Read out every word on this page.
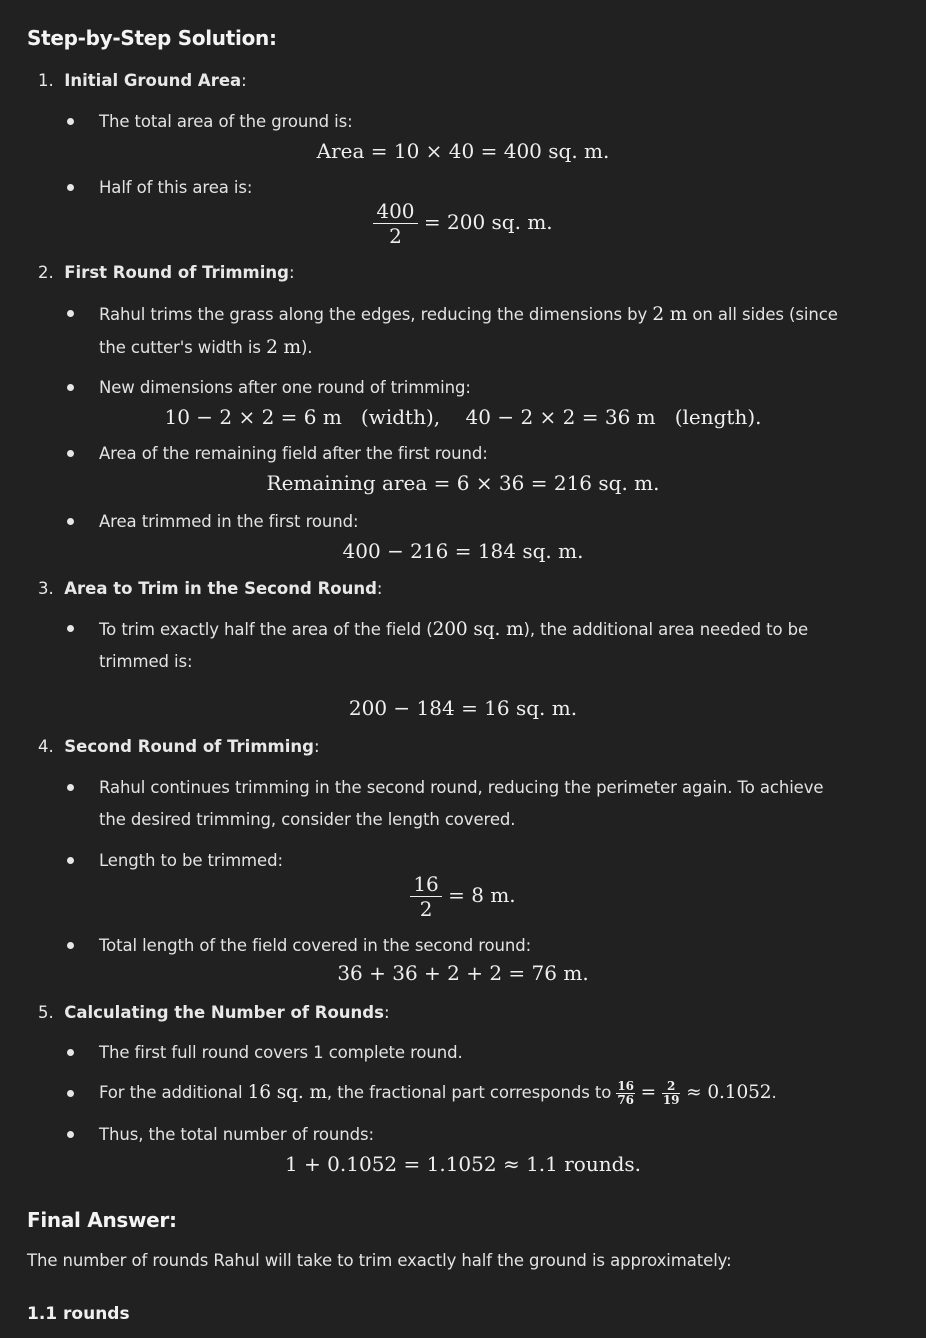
Step-by-Step Solution:
1. Initial Ground Area:
The total area of the ground is:
Area = 10 × 40 = 400 sq. m.
Half of this area is:
$\frac{400}{2} = 200$ sq. m.
2. First Round of Trimming:
Rahul trims the grass along the edges, reducing the dimensions by 2 m on all sides (since
the cutter's width is 2 m).
New dimensions after one round of trimming:
10 − 2 × 2 = 6 m   (width),    40 − 2 × 2 = 36 m   (length).
Area of the remaining field after the first round:
Remaining area = 6 × 36 = 216 sq. m.
Area trimmed in the first round:
400 − 216 = 184 sq. m.
3. Area to Trim in the Second Round:
To trim exactly half the area of the field (200 sq. m), the additional area needed to be
trimmed is:
200 − 184 = 16 sq. m.
4. Second Round of Trimming:
Rahul continues trimming in the second round, reducing the perimeter again. To achieve
the desired trimming, consider the length covered.
Length to be trimmed:
$\frac{16}{2} = 8$ m.
Total length of the field covered in the second round:
36 + 36 + 2 + 2 = 76 m.
5. Calculating the Number of Rounds:
The first full round covers 1 complete round.
For the additional 16 sq. m, the fractional part corresponds to $\frac{16}{76} = \frac{2}{19} \approx 0.1052$.
Thus, the total number of rounds:
1 + 0.1052 = 1.1052 ≈ 1.1 rounds.
Final Answer:
The number of rounds Rahul will take to trim exactly half the ground is approximately:
1.1 rounds
